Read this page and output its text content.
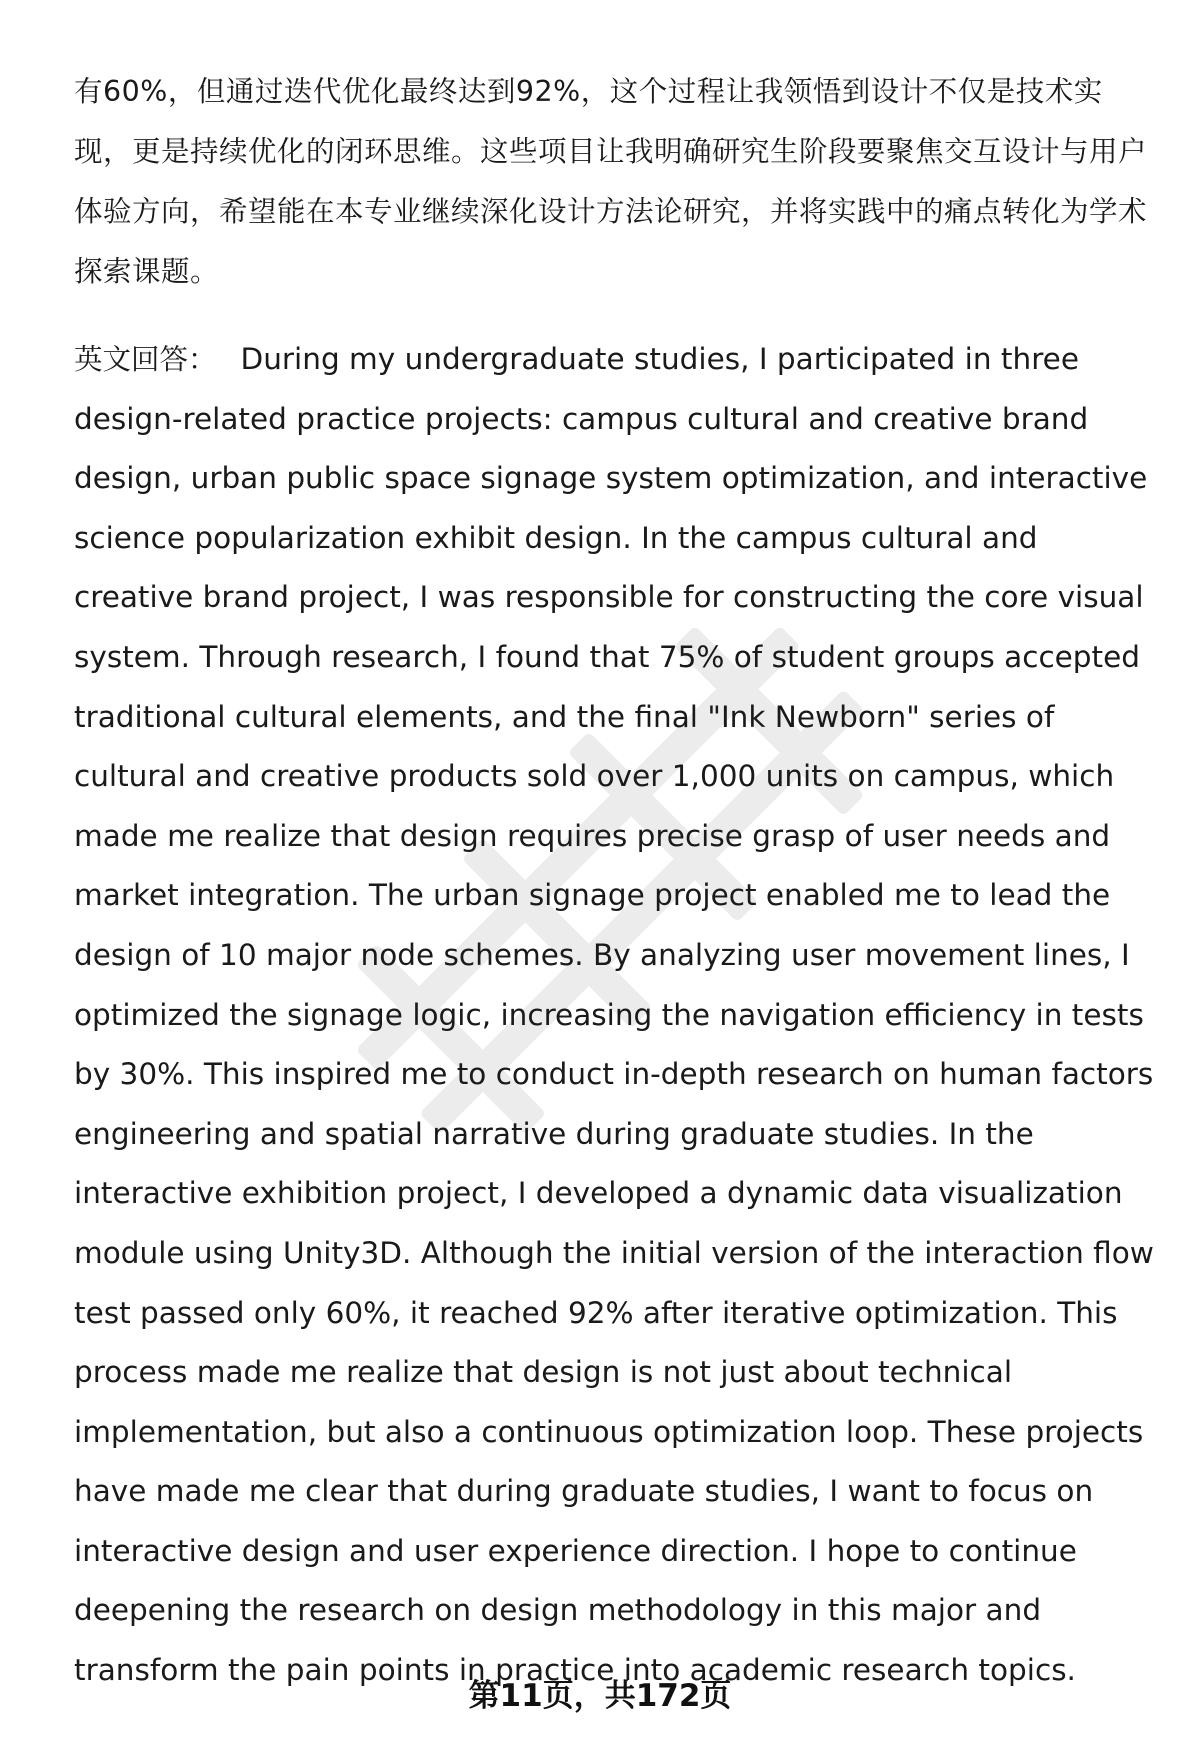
有60%，但通过迭代优化最终达到92%，这个过程让我领悟到设计不仅是技术实现，更是持续优化的闭环思维。这些项目让我明确研究生阶段要聚焦交互设计与用户体验方向，希望能在本专业继续深化设计方法论研究，并将实践中的痛点转化为学术探索课题。

英文回答： During my undergraduate studies, I participated in three design-related practice projects: campus cultural and creative brand design, urban public space signage system optimization, and interactive science popularization exhibit design. In the campus cultural and creative brand project, I was responsible for constructing the core visual system. Through research, I found that 75% of student groups accepted traditional cultural elements, and the final "Ink Newborn" series of cultural and creative products sold over 1,000 units on campus, which made me realize that design requires precise grasp of user needs and market integration. The urban signage project enabled me to lead the design of 10 major node schemes. By analyzing user movement lines, I optimized the signage logic, increasing the navigation efficiency in tests by 30%. This inspired me to conduct in-depth research on human factors engineering and spatial narrative during graduate studies. In the interactive exhibition project, I developed a dynamic data visualization module using Unity3D. Although the initial version of the interaction flow test passed only 60%, it reached 92% after iterative optimization. This process made me realize that design is not just about technical implementation, but also a continuous optimization loop. These projects have made me clear that during graduate studies, I want to focus on interactive design and user experience direction. I hope to continue deepening the research on design methodology in this major and transform the pain points in practice into academic research topics.

第11页，共172页
